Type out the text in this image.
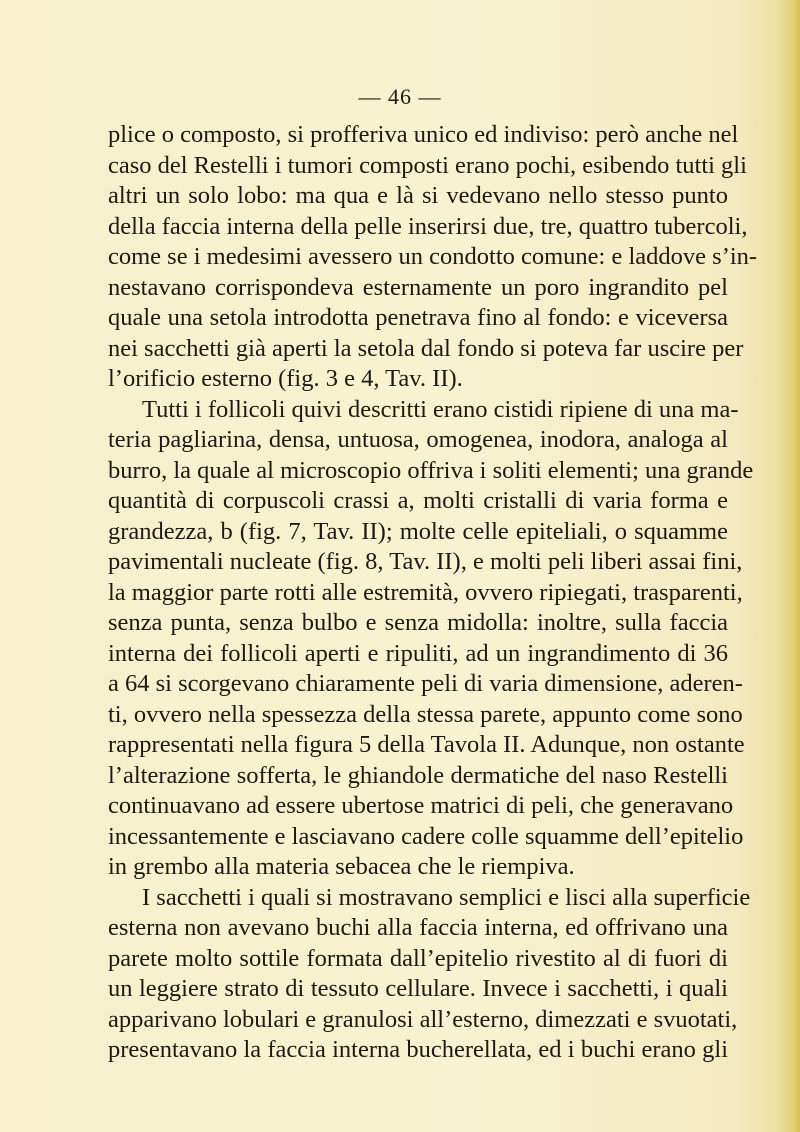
— 46 —
plice o composto, si profferiva unico ed indiviso: però anche nel
caso del Restelli i tumori composti erano pochi, esibendo tutti gli
altri un solo lobo: ma qua e là si vedevano nello stesso punto
della faccia interna della pelle inserirsi due, tre, quattro tubercoli,
come se i medesimi avessero un condotto comune: e laddove s’in-
nestavano corrispondeva esternamente un poro ingrandito pel
quale una setola introdotta penetrava fino al fondo: e viceversa
nei sacchetti già aperti la setola dal fondo si poteva far uscire per
l’orificio esterno (fig. 3 e 4, Tav. II).
Tutti i follicoli quivi descritti erano cistidi ripiene di una ma-
teria pagliarina, densa, untuosa, omogenea, inodora, analoga al
burro, la quale al microscopio offriva i soliti elementi; una grande
quantità di corpuscoli crassi a, molti cristalli di varia forma e
grandezza, b (fig. 7, Tav. II); molte celle epiteliali, o squamme
pavimentali nucleate (fig. 8, Tav. II), e molti peli liberi assai fini,
la maggior parte rotti alle estremità, ovvero ripiegati, trasparenti,
senza punta, senza bulbo e senza midolla: inoltre, sulla faccia
interna dei follicoli aperti e ripuliti, ad un ingrandimento di 36
a 64 si scorgevano chiaramente peli di varia dimensione, aderen-
ti, ovvero nella spessezza della stessa parete, appunto come sono
rappresentati nella figura 5 della Tavola II. Adunque, non ostante
l’alterazione sofferta, le ghiandole dermatiche del naso Restelli
continuavano ad essere ubertose matrici di peli, che generavano
incessantemente e lasciavano cadere colle squamme dell’epitelio
in grembo alla materia sebacea che le riempiva.
I sacchetti i quali si mostravano semplici e lisci alla superficie
esterna non avevano buchi alla faccia interna, ed offrivano una
parete molto sottile formata dall’epitelio rivestito al di fuori di
un leggiere strato di tessuto cellulare. Invece i sacchetti, i quali
apparivano lobulari e granulosi all’esterno, dimezzati e svuotati,
presentavano la faccia interna bucherellata, ed i buchi erano gli
